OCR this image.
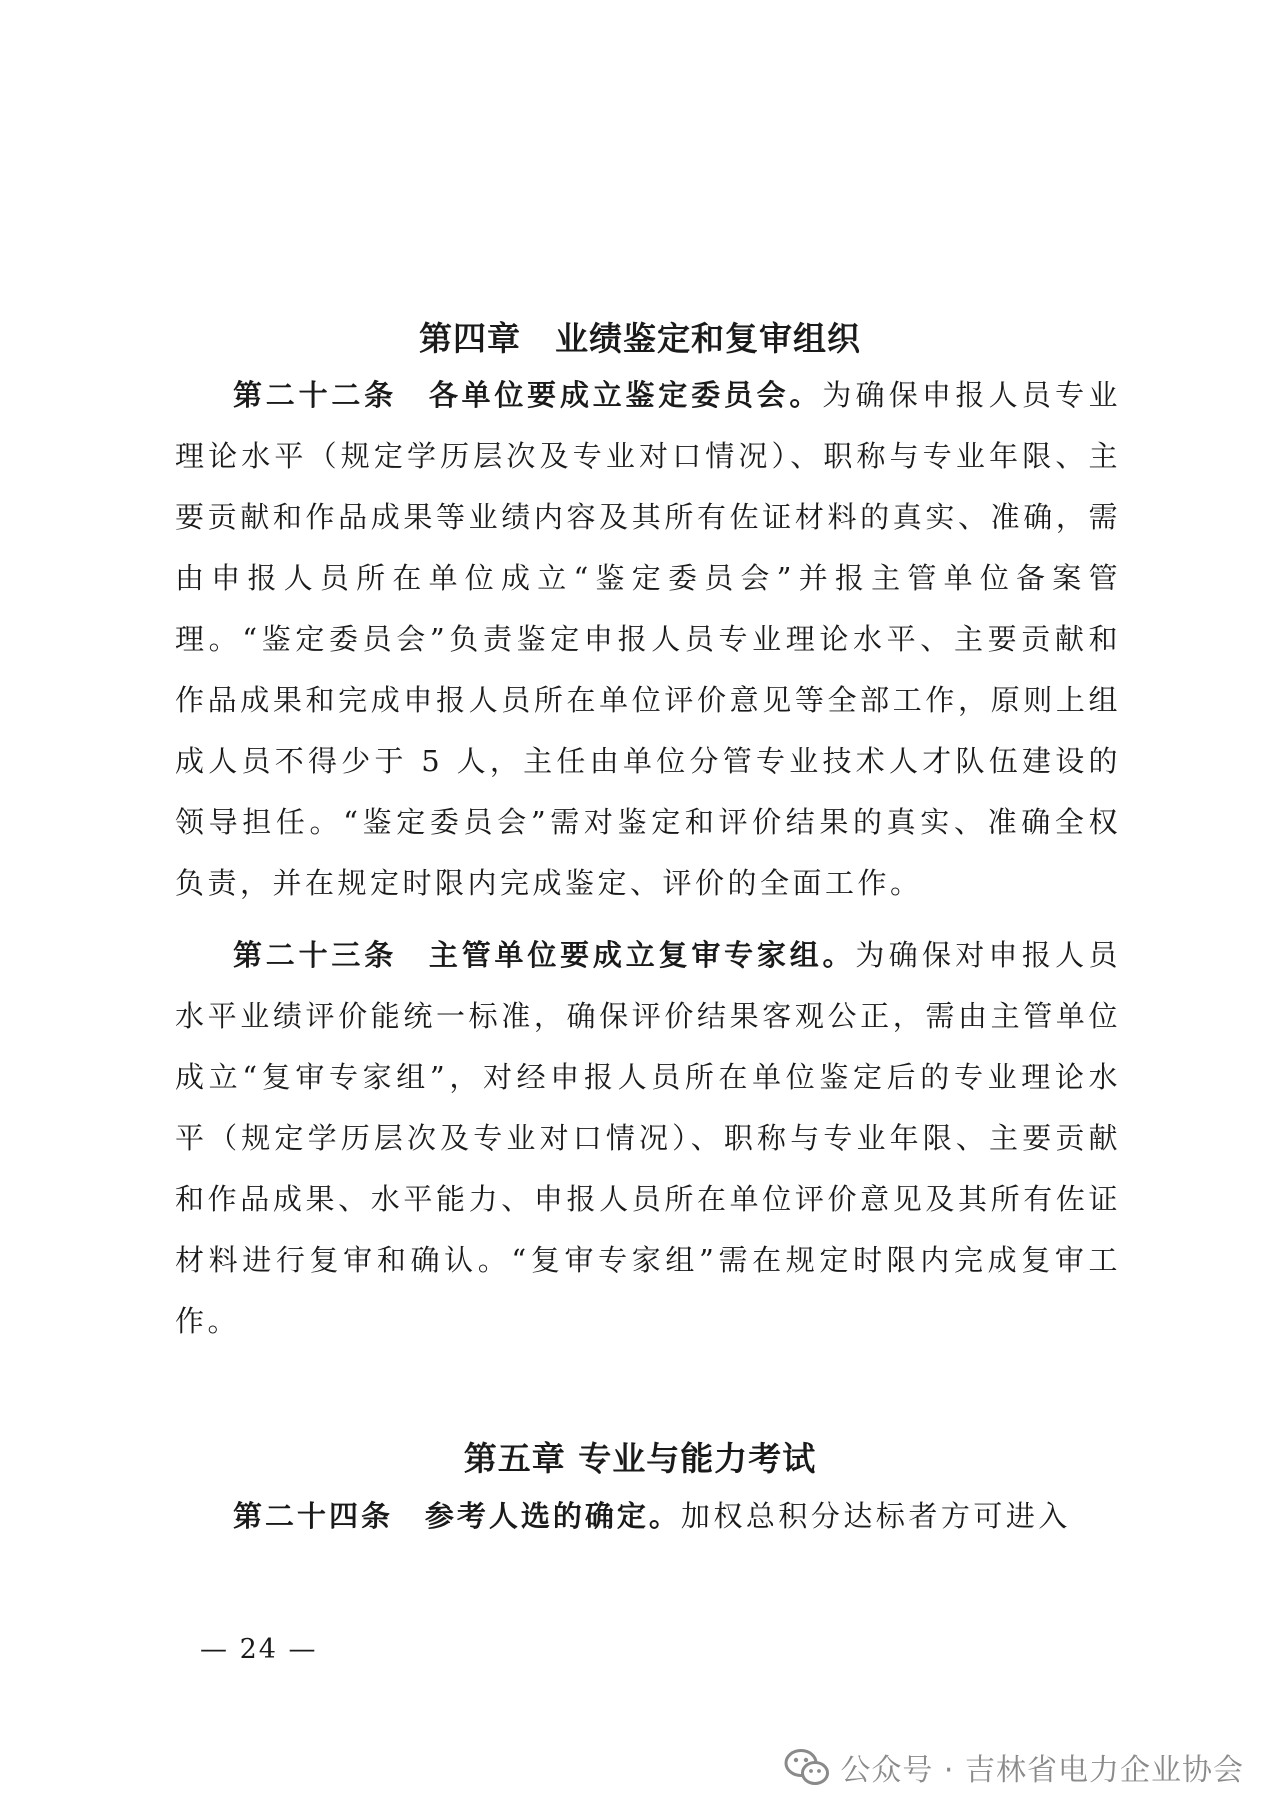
第四章　业绩鉴定和复审组织

第二十二条 各单位要成立鉴定委员会。为确保申报人员专业理论水平（规定学历层次及专业对口情况）、职称与专业年限、主要贡献和作品成果等业绩内容及其所有佐证材料的真实、准确，需由申报人员所在单位成立“鉴定委员会”并报主管单位备案管理。“鉴定委员会”负责鉴定申报人员专业理论水平、主要贡献和作品成果和完成申报人员所在单位评价意见等全部工作，原则上组成人员不得少于 5 人，主任由单位分管专业技术人才队伍建设的领导担任。“鉴定委员会”需对鉴定和评价结果的真实、准确全权负责，并在规定时限内完成鉴定、评价的全面工作。

第二十三条 主管单位要成立复审专家组。为确保对申报人员水平业绩评价能统一标准，确保评价结果客观公正，需由主管单位成立“复审专家组”，对经申报人员所在单位鉴定后的专业理论水平（规定学历层次及专业对口情况）、职称与专业年限、主要贡献和作品成果、水平能力、申报人员所在单位评价意见及其所有佐证材料进行复审和确认。“复审专家组”需在规定时限内完成复审工作。

第五章 专业与能力考试

第二十四条 参考人选的确定。加权总积分达标者方可进入

— 24 —
公众号 · 吉林省电力企业协会
